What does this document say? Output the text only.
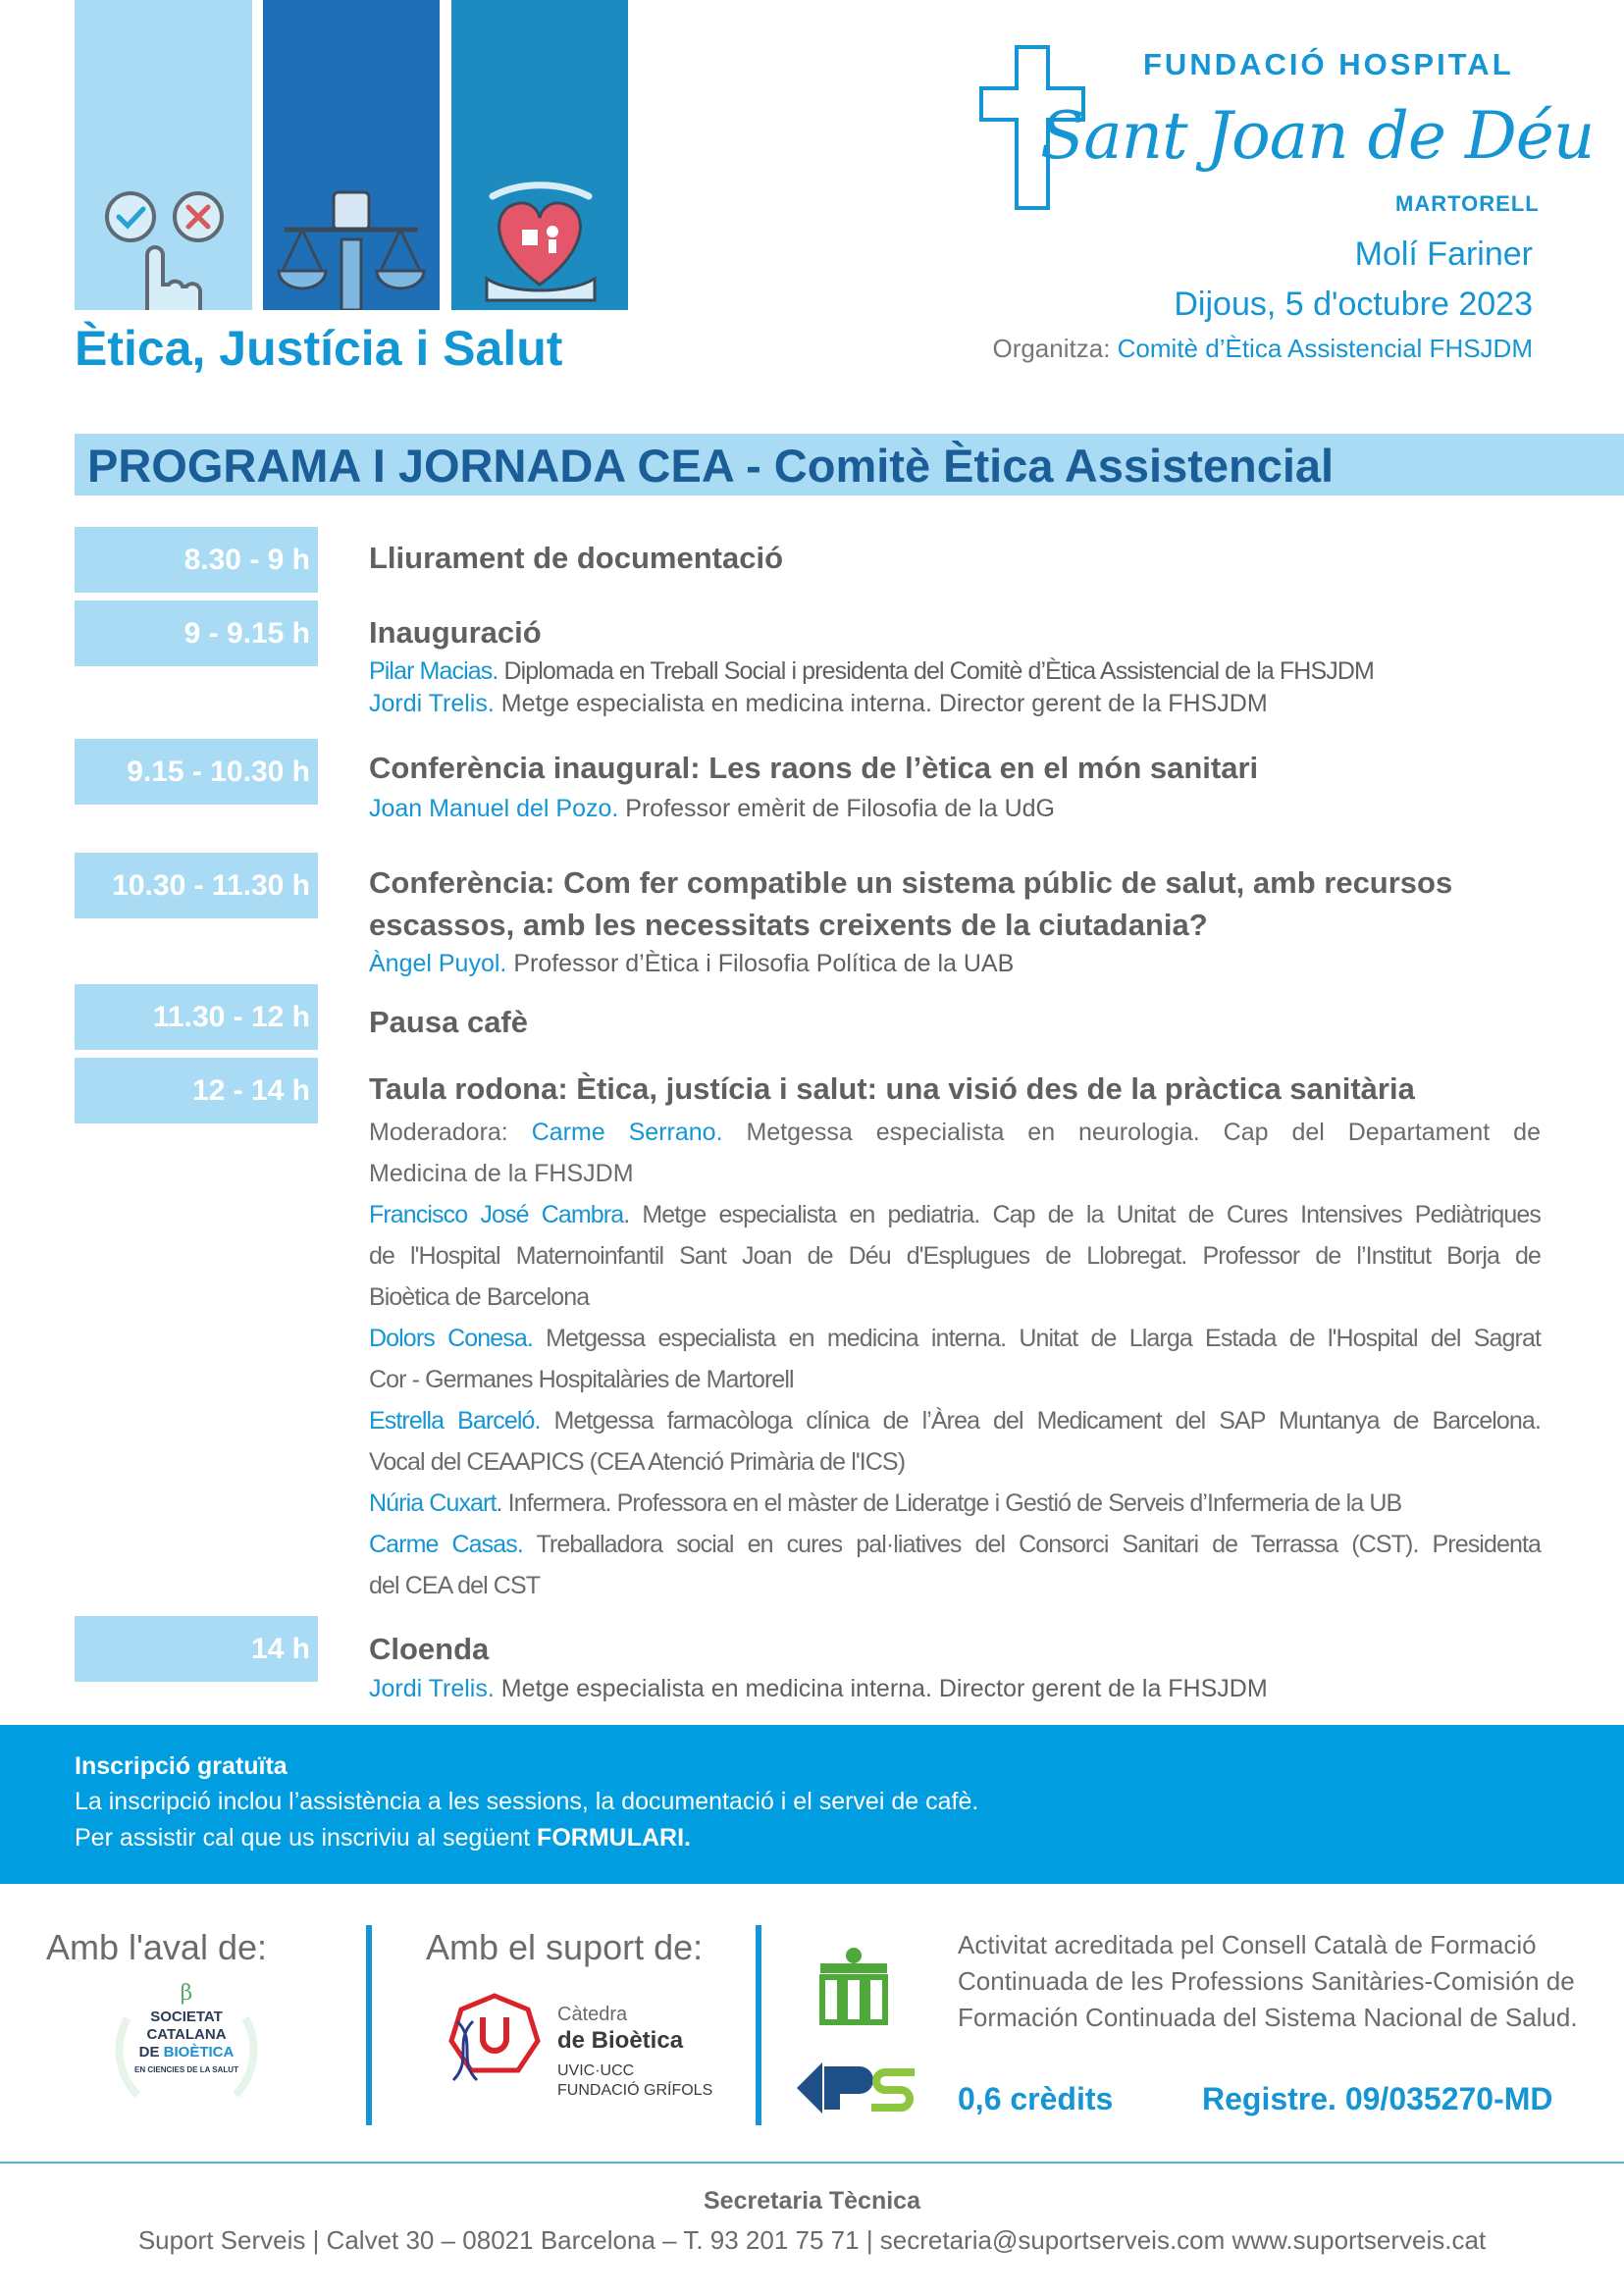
Ètica, Justícia i Salut
FUNDACIÓ HOSPITAL
Sant Joan de Déu
MARTORELL
Molí Fariner
Dijous, 5 d'octubre 2023
Organitza: Comitè d’Ètica Assistencial FHSJDM
PROGRAMA I JORNADA CEA - Comitè Ètica Assistencial
8.30 - 9 h Lliurament de documentació
9 - 9.15 h Inauguració
Pilar Macias. Diplomada en Treball Social i presidenta del Comitè d’Ètica Assistencial de la FHSJDM
Jordi Trelis. Metge especialista en medicina interna. Director gerent de la FHSJDM
9.15 - 10.30 h Conferència inaugural: Les raons de l’ètica en el món sanitari
Joan Manuel del Pozo. Professor emèrit de Filosofia de la UdG
10.30 - 11.30 h Conferència: Com fer compatible un sistema públic de salut, amb recursos
escassos, amb les necessitats creixents de la ciutadania?
Àngel Puyol. Professor d’Ètica i Filosofia Política de la UAB
11.30 - 12 h Pausa cafè
12 - 14 h Taula rodona: Ètica, justícia i salut: una visió des de la pràctica sanitària
Moderadora: Carme Serrano. Metgessa especialista en neurologia. Cap del Departament de
Medicina de la FHSJDM
Francisco José Cambra. Metge especialista en pediatria. Cap de la Unitat de Cures Intensives Pediàtriques
de l'Hospital Maternoinfantil Sant Joan de Déu d'Esplugues de Llobregat. Professor de l’Institut Borja de
Bioètica de Barcelona
Dolors Conesa. Metgessa especialista en medicina interna. Unitat de Llarga Estada de l'Hospital del Sagrat
Cor - Germanes Hospitalàries de Martorell
Estrella Barceló. Metgessa farmacòloga clínica de l’Àrea del Medicament del SAP Muntanya de Barcelona.
Vocal del CEAAPICS (CEA Atenció Primària de l'ICS)
Núria Cuxart. Infermera. Professora en el màster de Lideratge i Gestió de Serveis d’Infermeria de la UB
Carme Casas. Treballadora social en cures pal·liatives del Consorci Sanitari de Terrassa (CST). Presidenta
del CEA del CST
14 h Cloenda
Jordi Trelis. Metge especialista en medicina interna. Director gerent de la FHSJDM
Inscripció gratuïta
La inscripció inclou l’assistència a les sessions, la documentació i el servei de cafè.
Per assistir cal que us inscriviu al següent FORMULARI.
Amb l'aval de:	Amb el suport de:
β
SOCIETAT
CATALANA
DE BIOÈTICA
EN CIENCIES DE LA SALUT
Càtedra
de Bioètica
UVIC·UCC
FUNDACIÓ GRÍFOLS
Activitat acreditada pel Consell Català de Formació Continuada de les Professions Sanitàries-Comisión de Formación Continuada del Sistema Nacional de Salud.
0,6 crèdits	Registre. 09/035270-MD
Secretaria Tècnica
Suport Serveis | Calvet 30 – 08021 Barcelona – T. 93 201 75 71 | secretaria@suportserveis.com www.suportserveis.cat
